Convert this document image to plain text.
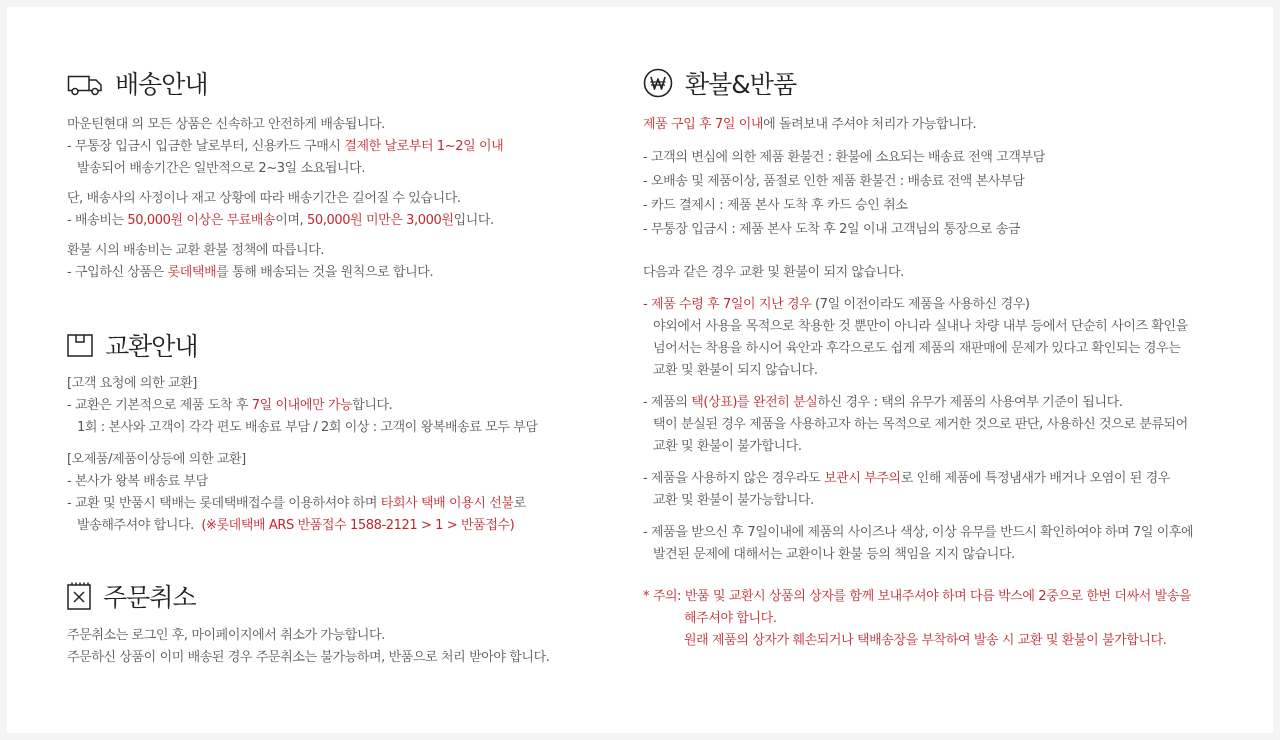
배송안내
마운틴현대 의 모든 상품은 신속하고 안전하게 배송됩니다.
- 무통장 입금시 입금한 날로부터, 신용카드 구매시 결제한 날로부터 1~2일 이내
발송되어 배송기간은 일반적으로 2~3일 소요됩니다.
단, 배송사의 사정이나 재고 상황에 따라 배송기간은 길어질 수 있습니다.
- 배송비는 50,000원 이상은 무료배송이며, 50,000원 미만은 3,000원입니다.
환불 시의 배송비는 교환 환불 정책에 따릅니다.
- 구입하신 상품은 롯데택배를 통해 배송되는 것을 원칙으로 합니다.
교환안내
[고객 요청에 의한 교환]
- 교환은 기본적으로 제품 도착 후 7일 이내에만 가능합니다.
1회 : 본사와 고객이 각각 편도 배송료 부담 / 2회 이상 : 고객이 왕복배송료 모두 부담
[오제품/제품이상등에 의한 교환]
- 본사가 왕복 배송료 부담
- 교환 및 반품시 택배는 롯데택배접수를 이용하셔야 하며 타회사 택배 이용시 선불로
발송해주셔야 합니다.  (※롯데택배 ARS 반품접수 1588-2121 > 1 > 반품접수)
주문취소
주문취소는 로그인 후, 마이페이지에서 취소가 가능합니다.
주문하신 상품이 이미 배송된 경우 주문취소는 불가능하며, 반품으로 처리 받아야 합니다.
환불&반품
제품 구입 후 7일 이내에 돌려보내 주셔야 처리가 가능합니다.
- 고객의 변심에 의한 제품 환불건 : 환불에 소요되는 배송료 전액 고객부담
- 오배송 및 제품이상, 품절로 인한 제품 환불건 : 배송료 전액 본사부담
- 카드 결제시 : 제품 본사 도착 후 카드 승인 취소
- 무통장 입금시 : 제품 본사 도착 후 2일 이내 고객님의 통장으로 송금
다음과 같은 경우 교환 및 환불이 되지 않습니다.
- 제품 수령 후 7일이 지난 경우 (7일 이전이라도 제품을 사용하신 경우)
야외에서 사용을 목적으로 착용한 것 뿐만이 아니라 실내나 차량 내부 등에서 단순히 사이즈 확인을
넘어서는 착용을 하시어 육안과 후각으로도 쉽게 제품의 재판매에 문제가 있다고 확인되는 경우는
교환 및 환불이 되지 않습니다.
- 제품의 택(상표)를 완전히 분실하신 경우 : 택의 유무가 제품의 사용여부 기준이 됩니다.
택이 분실된 경우 제품을 사용하고자 하는 목적으로 제거한 것으로 판단, 사용하신 것으로 분류되어
교환 및 환불이 불가합니다.
- 제품을 사용하지 않은 경우라도 보관시 부주의로 인해 제품에 특정냄새가 배거나 오염이 된 경우
교환 및 환불이 불가능합니다.
- 제품을 받으신 후 7일이내에 제품의 사이즈나 색상, 이상 유무를 반드시 확인하여야 하며 7일 이후에
발견된 문제에 대해서는 교환이나 환불 등의 책임을 지지 않습니다.
* 주의: 반품 및 교환시 상품의 상자를 함께 보내주셔야 하며 다름 박스에 2중으로 한번 더싸서 발송을
해주셔야 합니다.
원래 제품의 상자가 훼손되거나 택배송장을 부착하여 발송 시 교환 및 환불이 불가합니다.
